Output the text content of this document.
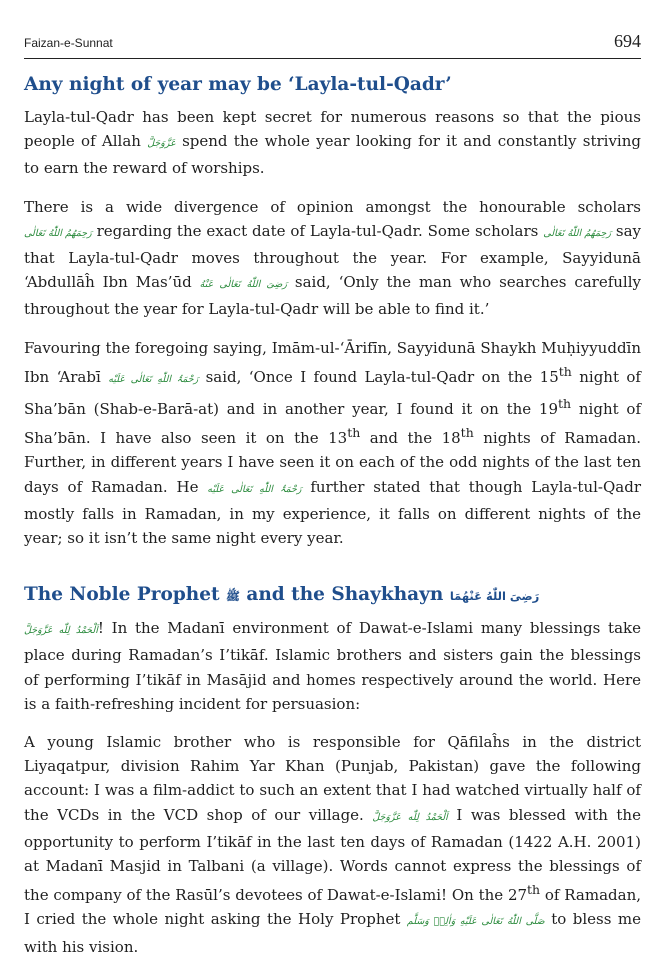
Faizan-e-Sunnat	694
Any night of year may be ‘Layla-tul-Qadr’

Layla-tul-Qadr has been kept secret for numerous reasons so that the pious people of Allah عَزَّوَجَلَّ spend the whole year looking for it and constantly striving to earn the reward of worships.

There is a wide divergence of opinion amongst the honourable scholars رَحِمَهُمُ اللّٰهُ تَعَالٰی regarding the exact date of Layla-tul-Qadr. Some scholars رَحِمَهُمُ اللّٰهُ تَعَالٰی say that Layla-tul-Qadr moves throughout the year. For example, Sayyidunā ‘Abdullāĥ Ibn Mas’ūd رَضِیَ اللّٰهُ تَعَالٰی عَنْهُ said, ‘Only the man who searches carefully throughout the year for Layla-tul-Qadr will be able to find it.’

Favouring the foregoing saying, Imām-ul-‘Ārifīn, Sayyidunā Shaykh Muḥiyyuddīn Ibn ‘Arabī رَحْمَۃُ اللّٰهِ تَعَالٰی عَلَیْه said, ‘Once I found Layla-tul-Qadr on the 15th night of Sha’bān (Shab-e-Barā-at) and in another year, I found it on the 19th night of Sha’bān. I have also seen it on the 13th and the 18th nights of Ramadan. Further, in different years I have seen it on each of the odd nights of the last ten days of Ramadan. He رَحْمَۃُ اللّٰهِ تَعَالٰی عَلَیْه further stated that though Layla-tul-Qadr mostly falls in Ramadan, in my experience, it falls on different nights of the year; so it isn’t the same night every year.

The Noble Prophet ﷺ and the Shaykhayn رَضِیَ اللّٰهُ عَنْهُمَا

اَلْحَمْدُ لِلّٰه عَزَّوَجَلَّ! In the Madanī environment of Dawat-e-Islami many blessings take place during Ramadan’s I’tikāf. Islamic brothers and sisters gain the blessings of performing I’tikāf in Masājid and homes respectively around the world. Here is a faith-refreshing incident for persuasion:

A young Islamic brother who is responsible for Qāfilaĥs in the district Liyaqatpur, division Rahim Yar Khan (Punjab, Pakistan) gave the following account: I was a film-addict to such an extent that I had watched virtually half of the VCDs in the VCD shop of our village. اَلْحَمْدُ لِلّٰه عَزَّوَجَلَّ I was blessed with the opportunity to perform I’tikāf in the last ten days of Ramadan (1422 A.H. 2001) at Madanī Masjid in Talbani (a village). Words cannot express the blessings of the company of the Rasūl’s devotees of Dawat-e-Islami! On the 27th of Ramadan, I cried the whole night asking the Holy Prophet صَلَّی اللّٰهُ تَعَالٰی عَلَیْهِ وَاٰلِهٖ وَسَلَّم to bless me with his vision.
